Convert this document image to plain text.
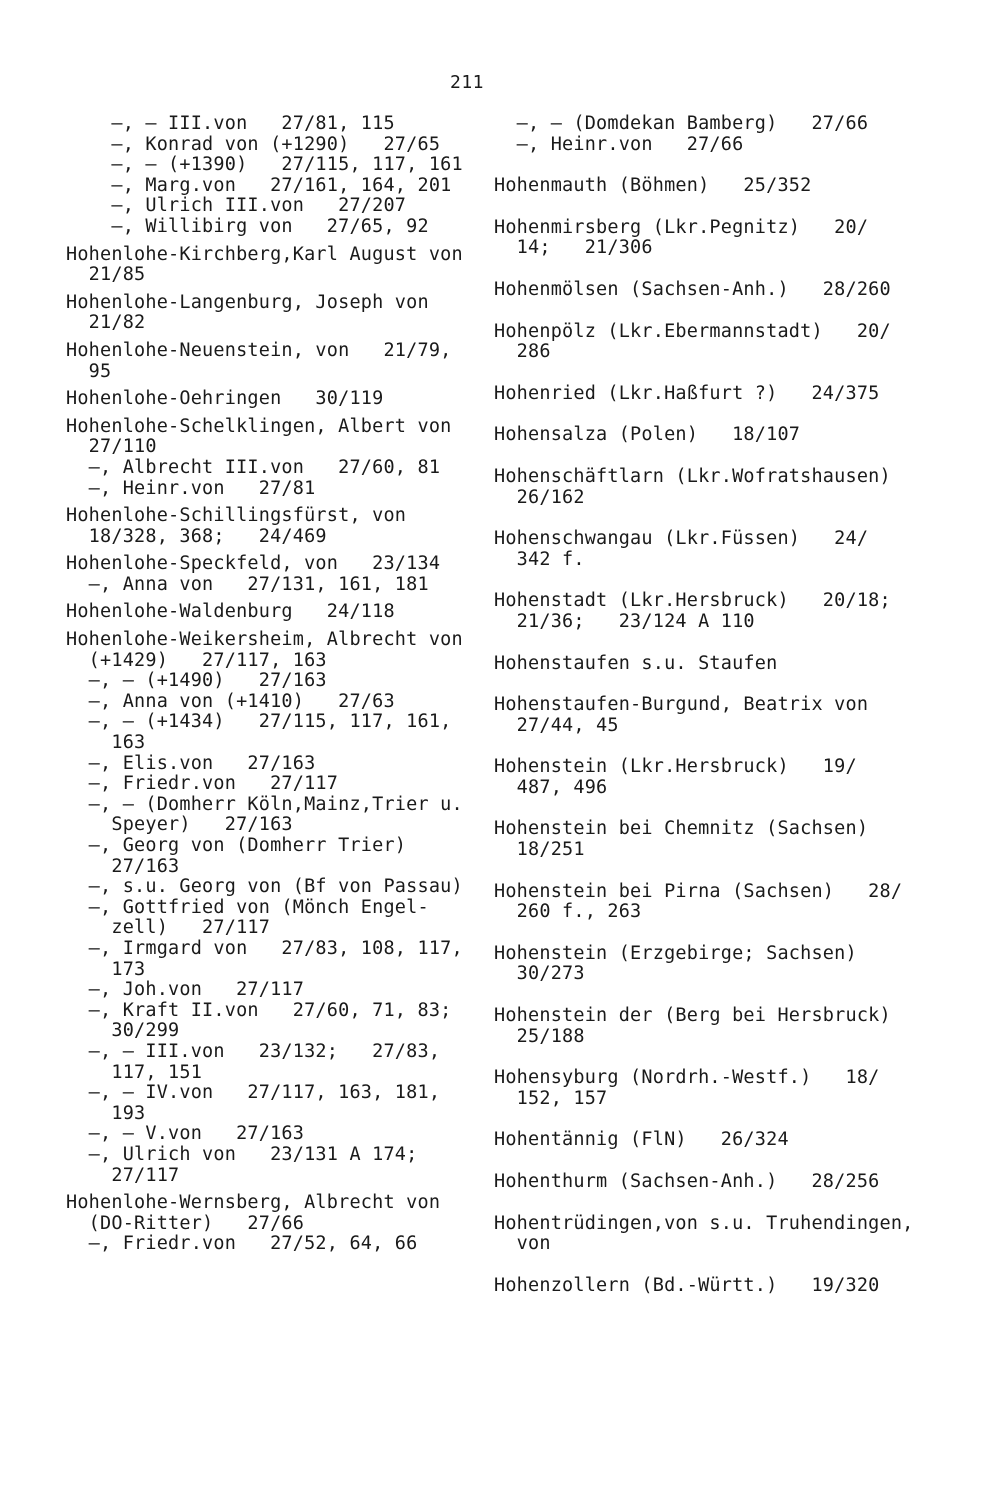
211
—, — III.von   27/81, 115
—, Konrad von (+1290)   27/65
—, — (+1390)   27/115, 117, 161
—, Marg.von   27/161, 164, 201
—, Ulrich III.von   27/207
—, Willibirg von   27/65, 92
Hohenlohe-Kirchberg,Karl August von
21/85
Hohenlohe-Langenburg, Joseph von
21/82
Hohenlohe-Neuenstein, von   21/79,
95
Hohenlohe-Oehringen   30/119
Hohenlohe-Schelklingen, Albert von
27/110
—, Albrecht III.von   27/60, 81
—, Heinr.von   27/81
Hohenlohe-Schillingsfürst, von
18/328, 368;   24/469
Hohenlohe-Speckfeld, von   23/134
—, Anna von   27/131, 161, 181
Hohenlohe-Waldenburg   24/118
Hohenlohe-Weikersheim, Albrecht von
(+1429)   27/117, 163
—, — (+1490)   27/163
—, Anna von (+1410)   27/63
—, — (+1434)   27/115, 117, 161,
163
—, Elis.von   27/163
—, Friedr.von   27/117
—, — (Domherr Köln,Mainz,Trier u.
Speyer)   27/163
—, Georg von (Domherr Trier)
27/163
—, s.u. Georg von (Bf von Passau)
—, Gottfried von (Mönch Engel-
zell)   27/117
—, Irmgard von   27/83, 108, 117,
173
—, Joh.von   27/117
—, Kraft II.von   27/60, 71, 83;
30/299
—, — III.von   23/132;   27/83,
117, 151
—, — IV.von   27/117, 163, 181,
193
—, — V.von   27/163
—, Ulrich von   23/131 A 174;
27/117
Hohenlohe-Wernsberg, Albrecht von
(DO-Ritter)   27/66
—, Friedr.von   27/52, 64, 66
—, — (Domdekan Bamberg)   27/66
—, Heinr.von   27/66
Hohenmauth (Böhmen)   25/352
Hohenmirsberg (Lkr.Pegnitz)   20/
14;   21/306
Hohenmölsen (Sachsen-Anh.)   28/260
Hohenpölz (Lkr.Ebermannstadt)   20/
286
Hohenried (Lkr.Haßfurt ?)   24/375
Hohensalza (Polen)   18/107
Hohenschäftlarn (Lkr.Wofratshausen)
26/162
Hohenschwangau (Lkr.Füssen)   24/
342 f.
Hohenstadt (Lkr.Hersbruck)   20/18;
21/36;   23/124 A 110
Hohenstaufen s.u. Staufen
Hohenstaufen-Burgund, Beatrix von
27/44, 45
Hohenstein (Lkr.Hersbruck)   19/
487, 496
Hohenstein bei Chemnitz (Sachsen)
18/251
Hohenstein bei Pirna (Sachsen)   28/
260 f., 263
Hohenstein (Erzgebirge; Sachsen)
30/273
Hohenstein der (Berg bei Hersbruck)
25/188
Hohensyburg (Nordrh.-Westf.)   18/
152, 157
Hohentännig (FlN)   26/324
Hohenthurm (Sachsen-Anh.)   28/256
Hohentrüdingen,von s.u. Truhendingen,
von
Hohenzollern (Bd.-Württ.)   19/320
